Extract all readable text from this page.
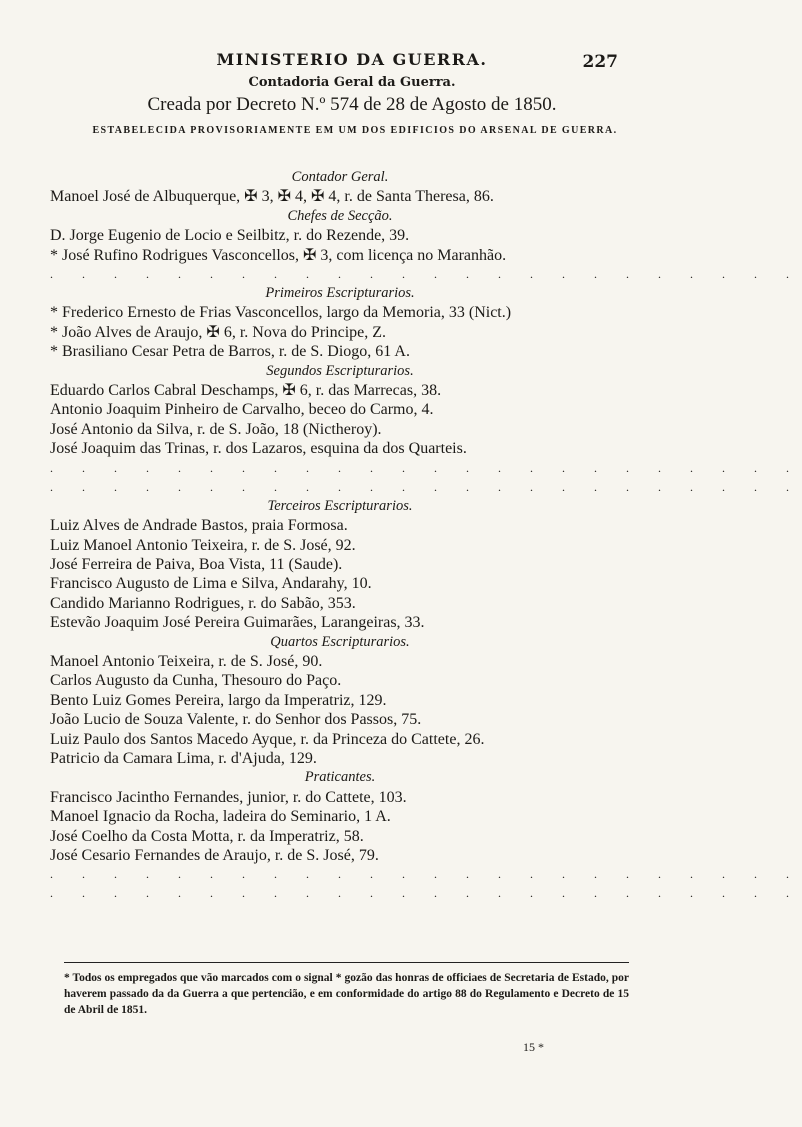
227
MINISTERIO DA GUERRA.
Contadoria Geral da Guerra.
Creada por Decreto N.º 574 de 28 de Agosto de 1850.
ESTABELECIDA PROVISORIAMENTE EM UM DOS EDIFICIOS DO ARSENAL DE GUERRA.
Contador Geral.
Manoel José de Albuquerque, ✠ 3, ✠ 4, ✠ 4, r. de Santa Theresa, 86.
Chefes de Secção.
D. Jorge Eugenio de Locio e Seilbitz, r. do Rezende, 39.
* José Rufino Rodrigues Vasconcellos, ✠ 3, com licença no Maranhão.
. . . . . . . . . . . . . . . . . . . . . . . .
Primeiros Escripturarios.
* Frederico Ernesto de Frias Vasconcellos, largo da Memoria, 33 (Nict.)
* João Alves de Araujo, ✠ 6, r. Nova do Principe, Z.
* Brasiliano Cesar Petra de Barros, r. de S. Diogo, 61 A.
Segundos Escripturarios.
Eduardo Carlos Cabral Deschamps, ✠ 6, r. das Marrecas, 38.
Antonio Joaquim Pinheiro de Carvalho, beceo do Carmo, 4.
José Antonio da Silva, r. de S. João, 18 (Nictheroy).
José Joaquim das Trinas, r. dos Lazaros, esquina da dos Quarteis.
. . . . . . . . . . . . . . . . . . . . . . . .
. . . . . . . . . . . . . . . . . . . . . . . .
Terceiros Escripturarios.
Luiz Alves de Andrade Bastos, praia Formosa.
Luiz Manoel Antonio Teixeira, r. de S. José, 92.
José Ferreira de Paiva, Boa Vista, 11 (Saude).
Francisco Augusto de Lima e Silva, Andarahy, 10.
Candido Marianno Rodrigues, r. do Sabão, 353.
Estevão Joaquim José Pereira Guimarães, Larangeiras, 33.
Quartos Escripturarios.
Manoel Antonio Teixeira, r. de S. José, 90.
Carlos Augusto da Cunha, Thesouro do Paço.
Bento Luiz Gomes Pereira, largo da Imperatriz, 129.
João Lucio de Souza Valente, r. do Senhor dos Passos, 75.
Luiz Paulo dos Santos Macedo Ayque, r. da Princeza do Cattete, 26.
Patricio da Camara Lima, r. d'Ajuda, 129.
Praticantes.
Francisco Jacintho Fernandes, junior, r. do Cattete, 103.
Manoel Ignacio da Rocha, ladeira do Seminario, 1 A.
José Coelho da Costa Motta, r. da Imperatriz, 58.
José Cesario Fernandes de Araujo, r. de S. José, 79.
. . . . . . . . . . . . . . . . . . . . . . . .
. . . . . . . . . . . . . . . . . . . . . . . .
* Todos os empregados que vão marcados com o signal * gozão das honras de officiaes de Secretaria de Estado, por haverem passado da da Guerra a que pertencião, e em conformidade do artigo 88 do Regulamento e Decreto de 15 de Abril de 1851.
15 *
